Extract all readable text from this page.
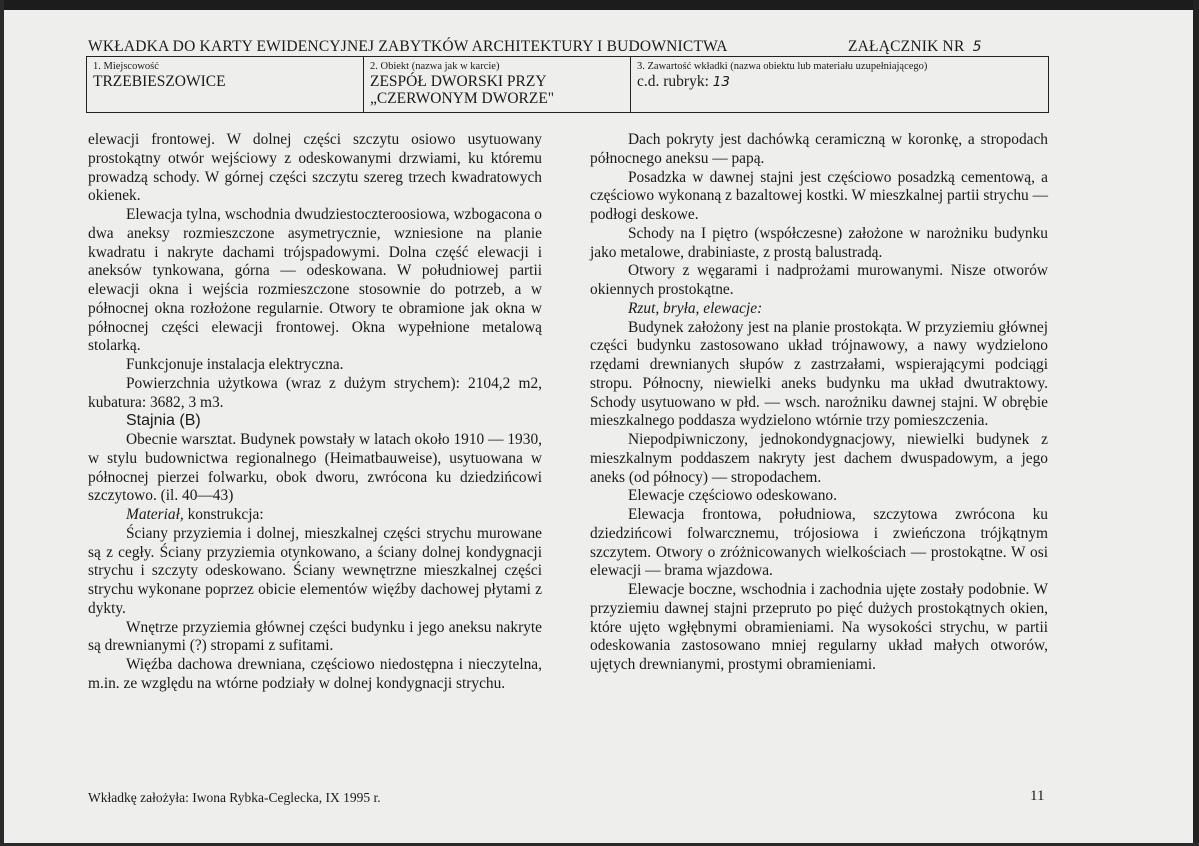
WKŁADKA DO KARTY EWIDENCYJNEJ ZABYTKÓW ARCHITEKTURY I BUDOWNICTWA	ZAŁĄCZNIK NR 5
1. Miejscowość
TRZEBIESZOWICE

2. Obiekt (nazwa jak w karcie)
ZESPÓŁ DWORSKI PRZY
„CZERWONYM DWORZE"

3. Zawartość wkładki (nazwa obiektu lub materiału uzupełniającego)
c.d. rubryk: 13

elewacji frontowej. W dolnej części szczytu osiowo usytuowany prostokątny otwór wejściowy z odeskowanymi drzwiami, ku któremu prowadzą schody. W górnej części szczytu szereg trzech kwadratowych okienek.

Elewacja tylna, wschodnia dwudziestoczteroosiowa, wzbogacona o dwa aneksy rozmieszczone asymetrycznie, wzniesione na planie kwadratu i nakryte dachami trójspadowymi. Dolna część elewacji i aneksów tynkowana, górna — odeskowana. W południowej partii elewacji okna i wejścia rozmieszczone stosownie do potrzeb, a w północnej okna rozłożone regularnie. Otwory te obramione jak okna w północnej części elewacji frontowej. Okna wypełnione metalową stolarką.

Funkcjonuje instalacja elektryczna.

Powierzchnia użytkowa (wraz z dużym strychem): 2104,2 m2, kubatura: 3682, 3 m3.

Stajnia (B)

Obecnie warsztat. Budynek powstały w latach około 1910 — 1930, w stylu budownictwa regionalnego (Heimatbauweise), usytuowana w północnej pierzei folwarku, obok dworu, zwrócona ku dziedzińcowi szczytowo. (il. 40—43)

Materiał, konstrukcja:

Ściany przyziemia i dolnej, mieszkalnej części strychu murowane są z cegły. Ściany przyziemia otynkowano, a ściany dolnej kondygnacji strychu i szczyty odeskowano. Ściany wewnętrzne mieszkalnej części strychu wykonane poprzez obicie elementów więźby dachowej płytami z dykty.

Wnętrze przyziemia głównej części budynku i jego aneksu nakryte są drewnianymi (?) stropami z sufitami.

Więźba dachowa drewniana, częściowo niedostępna i nieczytelna, m.in. ze względu na wtórne podziały w dolnej kondygnacji strychu.

Dach pokryty jest dachówką ceramiczną w koronkę, a stropodach północnego aneksu — papą.

Posadzka w dawnej stajni jest częściowo posadzką cementową, a częściowo wykonaną z bazaltowej kostki. W mieszkalnej partii strychu — podłogi deskowe.

Schody na I piętro (współczesne) założone w narożniku budynku jako metalowe, drabiniaste, z prostą balustradą.

Otwory z węgarami i nadprożami murowanymi. Nisze otworów okiennych prostokątne.

Rzut, bryła, elewacje:

Budynek założony jest na planie prostokąta. W przyziemiu głównej części budynku zastosowano układ trójnawowy, a nawy wydzielono rzędami drewnianych słupów z zastrzałami, wspierającymi podciągi stropu. Północny, niewielki aneks budynku ma układ dwutraktowy. Schody usytuowano w płd. — wsch. narożniku dawnej stajni. W obrębie mieszkalnego poddasza wydzielono wtórnie trzy pomieszczenia.

Niepodpiwniczony, jednokondygnacjowy, niewielki budynek z mieszkalnym poddaszem nakryty jest dachem dwuspadowym, a jego aneks (od północy) — stropodachem.

Elewacje częściowo odeskowano.

Elewacja frontowa, południowa, szczytowa zwrócona ku dziedzińcowi folwarcznemu, trójosiowa i zwieńczona trójkątnym szczytem. Otwory o zróżnicowanych wielkościach — prostokątne. W osi elewacji — brama wjazdowa.

Elewacje boczne, wschodnia i zachodnia ujęte zostały podobnie. W przyziemiu dawnej stajni przepruto po pięć dużych prostokątnych okien, które ujęto wgłębnymi obramieniami. Na wysokości strychu, w partii odeskowania zastosowano mniej regularny układ małych otworów, ujętych drewnianymi, prostymi obramieniami.

Wkładkę założyła: Iwona Rybka-Ceglecka, IX 1995 r.	11
